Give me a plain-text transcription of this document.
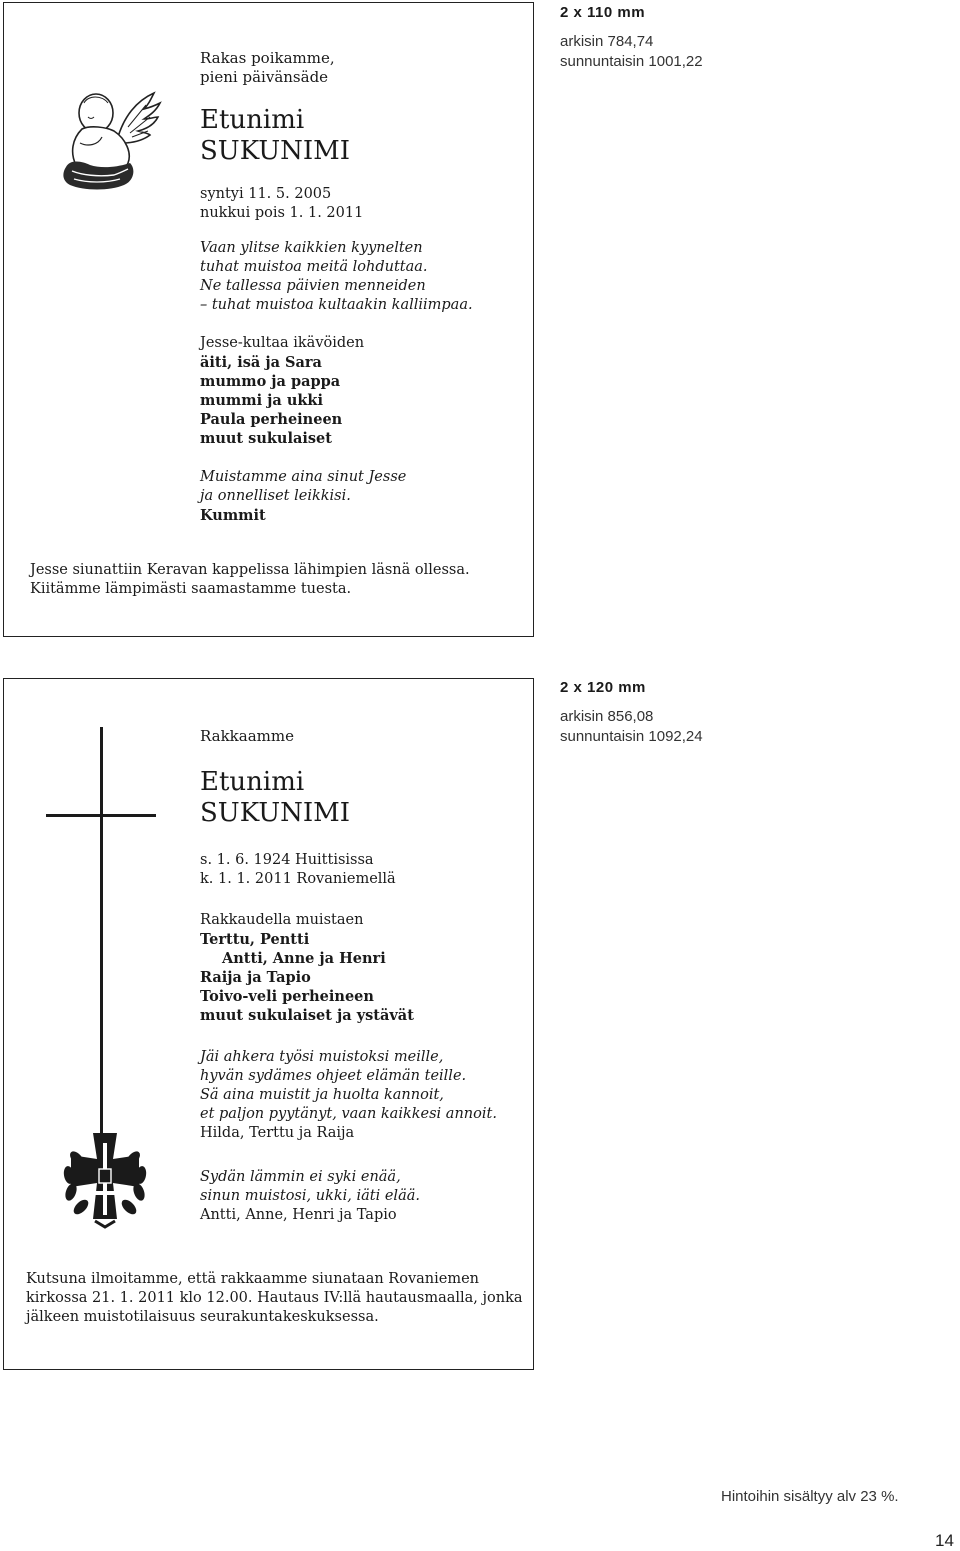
Rakas poikamme,
pieni päivänsäde
Etunimi
SUKUNIMI
syntyi 11. 5. 2005
nukkui pois 1. 1. 2011
Vaan ylitse kaikkien kyynelten
tuhat muistoa meitä lohduttaa.
Ne tallessa päivien menneiden
– tuhat muistoa kultaakin kalliimpaa.
Jesse-kultaa ikävöiden
äiti, isä ja Sara
mummo ja pappa
mummi ja ukki
Paula perheineen
muut sukulaiset
Muistamme aina sinut Jesse
ja onnelliset leikkisi.
Kummit
Jesse siunattiin Keravan kappelissa lähimpien läsnä ollessa.
Kiitämme lämpimästi saamastamme tuesta.
2 x 110 mm
arkisin 784,74
sunnuntaisin 1001,22
Rakkaamme
Etunimi
SUKUNIMI
s. 1. 6. 1924 Huittisissa
k. 1. 1. 2011 Rovaniemellä
Rakkaudella muistaen
Terttu, Pentti
Antti, Anne ja Henri
Raija ja Tapio
Toivo-veli perheineen
muut sukulaiset ja ystävät
Jäi ahkera työsi muistoksi meille,
hyvän sydämes ohjeet elämän teille.
Sä aina muistit ja huolta kannoit,
et paljon pyytänyt, vaan kaikkesi annoit.
Hilda, Terttu ja Raija
Sydän lämmin ei syki enää,
sinun muistosi, ukki, iäti elää.
Antti, Anne, Henri ja Tapio
Kutsuna ilmoitamme, että rakkaamme siunataan Rovaniemen
kirkossa 21. 1. 2011 klo 12.00. Hautaus IV:llä hautausmaalla, jonka
jälkeen muistotilaisuus seurakuntakeskuksessa.
2 x 120 mm
arkisin 856,08
sunnuntaisin 1092,24
Hintoihin sisältyy alv 23 %.
14
